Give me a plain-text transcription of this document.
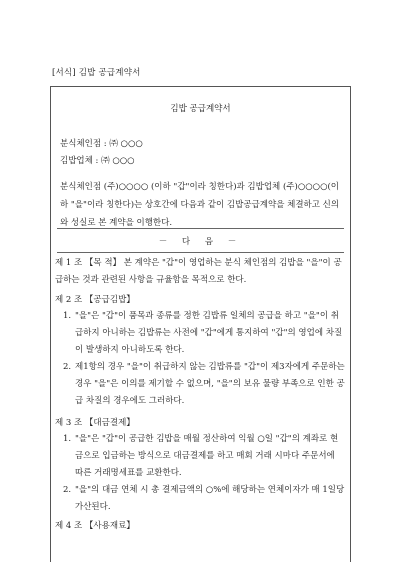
[서식] 김밥 공급계약서
김밥 공급계약서
분식체인점 : ㈜ ○○○
김밥업체 : ㈜ ○○○
분식체인점 (주)○○○○ (이하 "갑"이라 칭한다)과 김밥업체 (주)○○○○(이하 "을"이라 칭한다)는 상호간에 다음과 같이 김밥공급계약을 체결하고 신의와 성실로 본 계약을 이행한다.
－ 다 음 －
제 1 조 【목 적】 본 계약은 "갑"이 영업하는 분식 체인점의 김밥을 "을"이 공급하는 것과 관련된 사항을 규율함을 목적으로 한다.
제 2 조 【공급김밥】
1. "을"은 "갑"이 품목과 종류를 정한 김밥류 일체의 공급을 하고 "을"이 취급하지 아니하는 김밥류는 사전에 "갑"에게 통지하여 "갑"의 영업에 차질이 발생하지 아니하도록 한다.
2. 제1항의 경우 "을"이 취급하지 않는 김밥류를 "갑"이 제3자에게 주문하는 경우 "을"은 이의를 제기할 수 없으며, "을"의 보유 물량 부족으로 인한 공급 차질의 경우에도 그러하다.
제 3 조 【대금결제】
1. "을"은 "갑"이 공급한 김밥을 매월 정산하여 익월 ○일 "갑"의 계좌로 현금으로 입금하는 방식으로 대금결제를 하고 매회 거래 시마다 주문서에 따른 거래명세표를 교환한다.
2. "을"의 대금 연체 시 총 결제금액의 ○%에 해당하는 연체이자가 매 1일당 가산된다.
제 4 조 【사용재료】
